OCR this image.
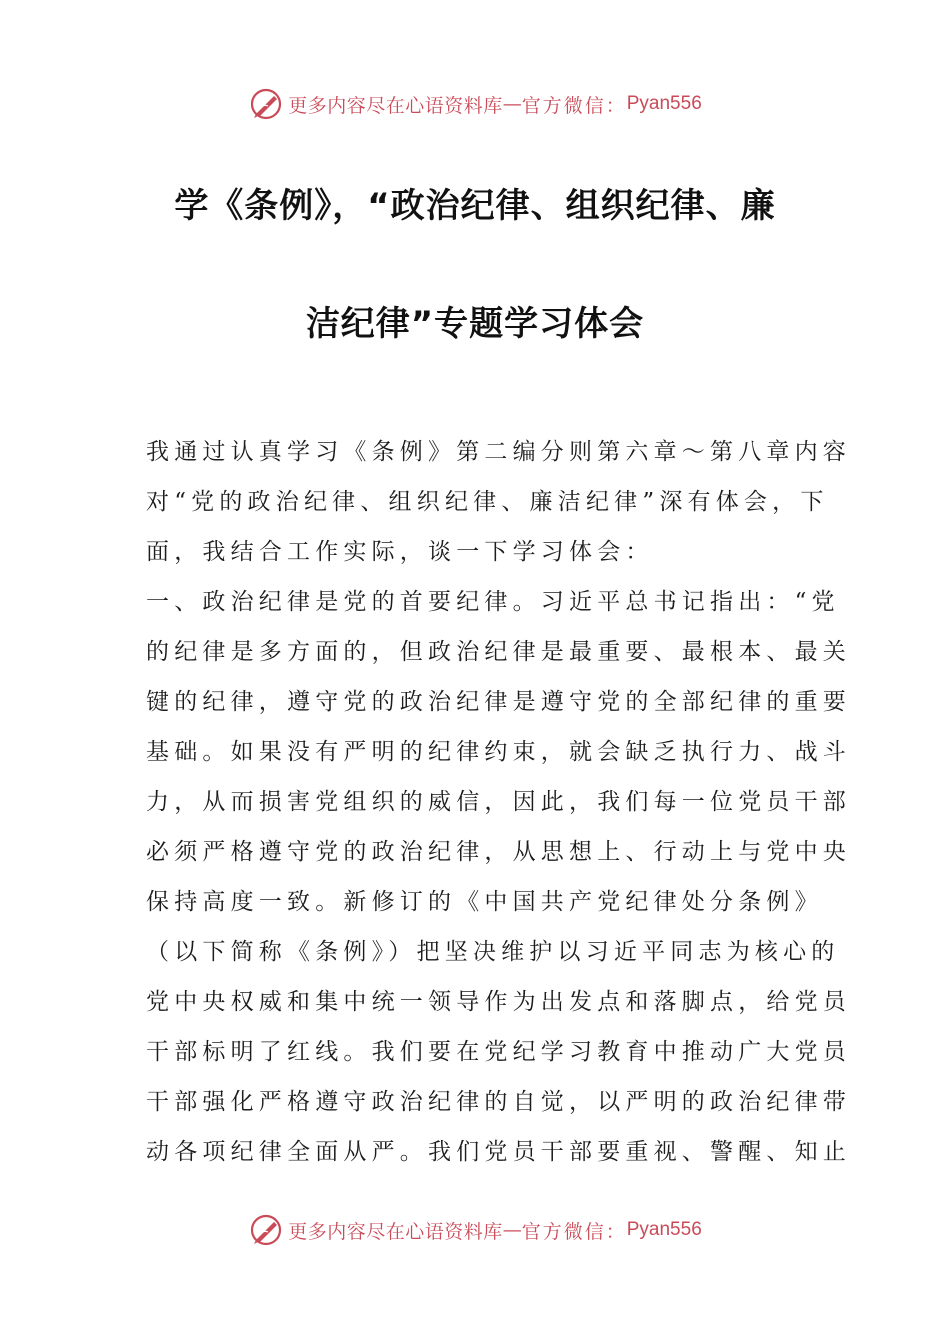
更多内容尽在心语资料库 — 官方微信： Pyan556
学《条例》，“政治纪律、组织纪律、廉
洁纪律”专题学习体会
我通过认真学习《条例》第二编分则第六章～第八章内容
对“党的政治纪律、组织纪律、廉洁纪律”深有体会，下
面，我结合工作实际，谈一下学习体会：
一、政治纪律是党的首要纪律。习近平总书记指出：“党
的纪律是多方面的，但政治纪律是最重要、最根本、最关
键的纪律，遵守党的政治纪律是遵守党的全部纪律的重要
基础。如果没有严明的纪律约束，就会缺乏执行力、战斗
力，从而损害党组织的威信，因此，我们每一位党员干部
必须严格遵守党的政治纪律，从思想上、行动上与党中央
保持高度一致。新修订的《中国共产党纪律处分条例》
（以下简称《条例》）把坚决维护以习近平同志为核心的
党中央权威和集中统一领导作为出发点和落脚点，给党员
干部标明了红线。我们要在党纪学习教育中推动广大党员
干部强化严格遵守政治纪律的自觉，以严明的政治纪律带
动各项纪律全面从严。我们党员干部要重视、警醒、知止
更多内容尽在心语资料库 — 官方微信： Pyan556
